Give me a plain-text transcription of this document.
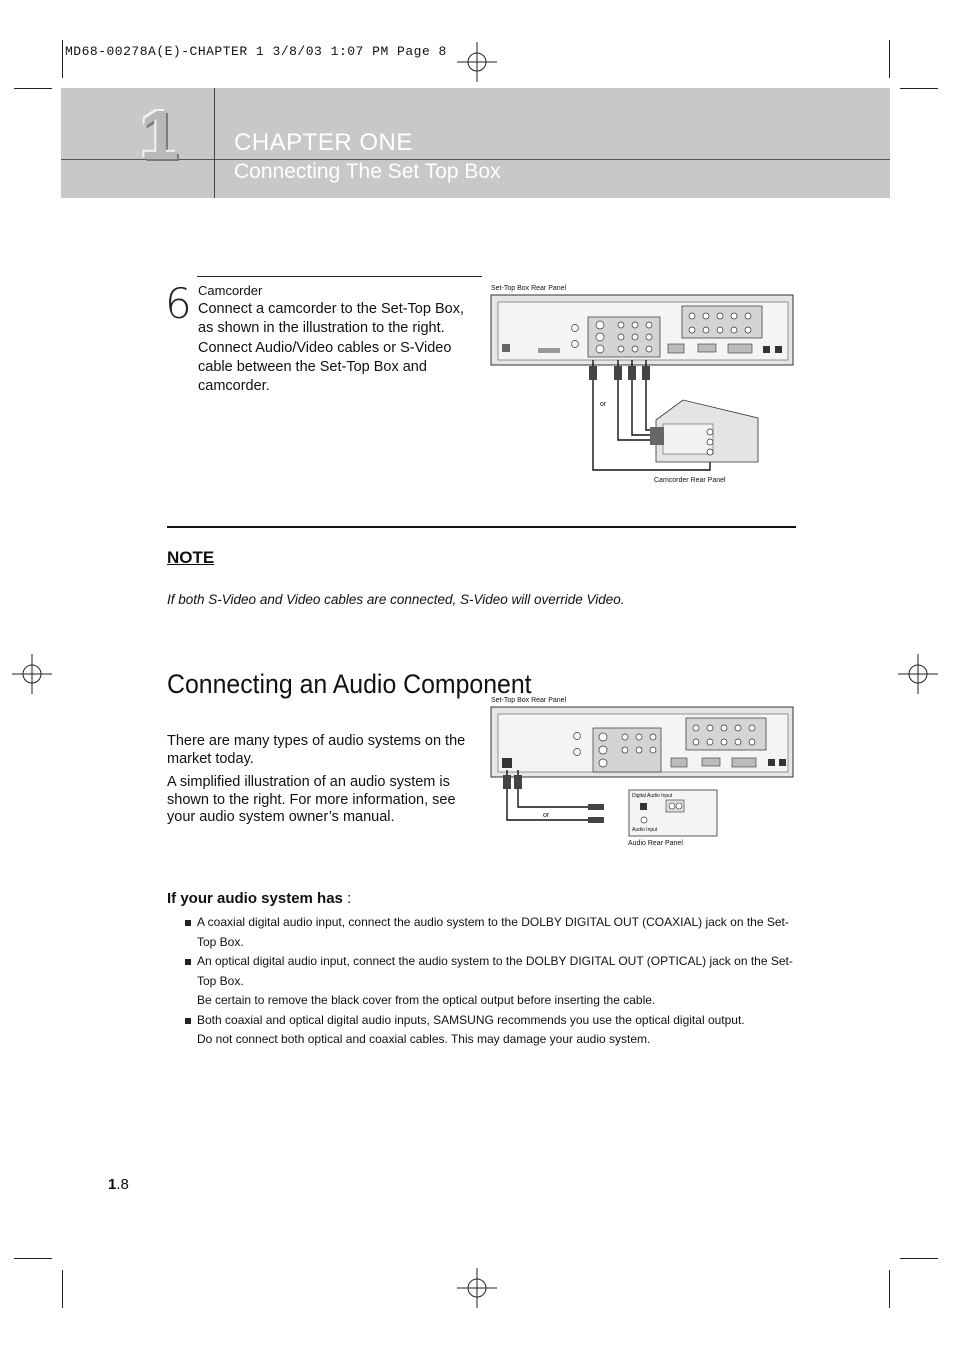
MD68-00278A(E)-CHAPTER 1 3/8/03 1:07 PM Page 8
1 CHAPTER ONE
Connecting The Set Top Box
6 Camcorder
Connect a camcorder to the Set-Top Box, as shown in the illustration to the right. Connect Audio/Video cables or S-Video cable between the Set-Top Box and camcorder.
Set-Top Box Rear Panel
or
Camcorder Rear Panel
NOTE
If both S-Video and Video cables are connected, S-Video will override Video.
Connecting an Audio Component
There are many types of audio systems on the market today.
A simplified illustration of an audio system is shown to the right. For more information, see your audio system owner’s manual.
Set-Top Box Rear Panel
or
Digital Audio Input
Audio Input
Audio Rear Panel
If your audio system has :
A coaxial digital audio input, connect the audio system to the DOLBY DIGITAL OUT (COAXIAL) jack on the Set-Top Box.
An optical digital audio input, connect the audio system to the DOLBY DIGITAL OUT (OPTICAL) jack on the Set-Top Box.
Be certain to remove the black cover from the optical output before inserting the cable.
Both coaxial and optical digital audio inputs, SAMSUNG recommends you use the optical digital output.
Do not connect both optical and coaxial cables. This may damage your audio system.
1.8
